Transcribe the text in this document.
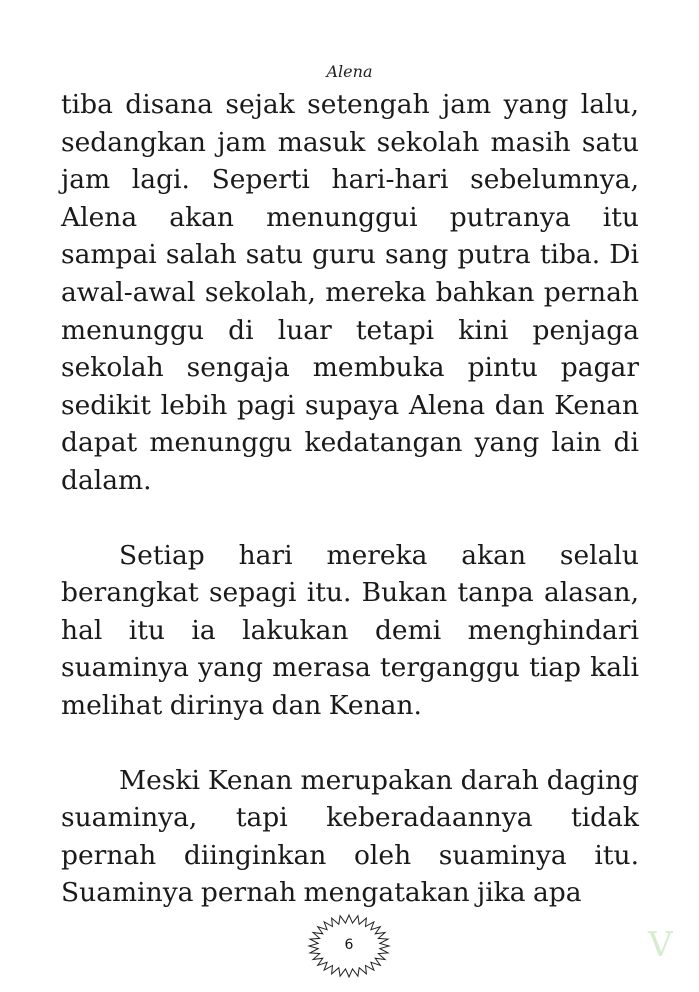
Alena

tiba disana sejak setengah jam yang lalu, sedangkan jam masuk sekolah masih satu jam lagi. Seperti hari-hari sebelumnya, Alena akan menunggui putranya itu sampai salah satu guru sang putra tiba. Di awal-awal sekolah, mereka bahkan pernah menunggu di luar tetapi kini penjaga sekolah sengaja membuka pintu pagar sedikit lebih pagi supaya Alena dan Kenan dapat menunggu kedatangan yang lain di dalam.

Setiap hari mereka akan selalu berangkat sepagi itu. Bukan tanpa alasan, hal itu ia lakukan demi menghindari suaminya yang merasa terganggu tiap kali melihat dirinya dan Kenan.

Meski Kenan merupakan darah daging suaminya, tapi keberadaannya tidak pernah diinginkan oleh suaminya itu. Suaminya pernah mengatakan jika apa

6	V
